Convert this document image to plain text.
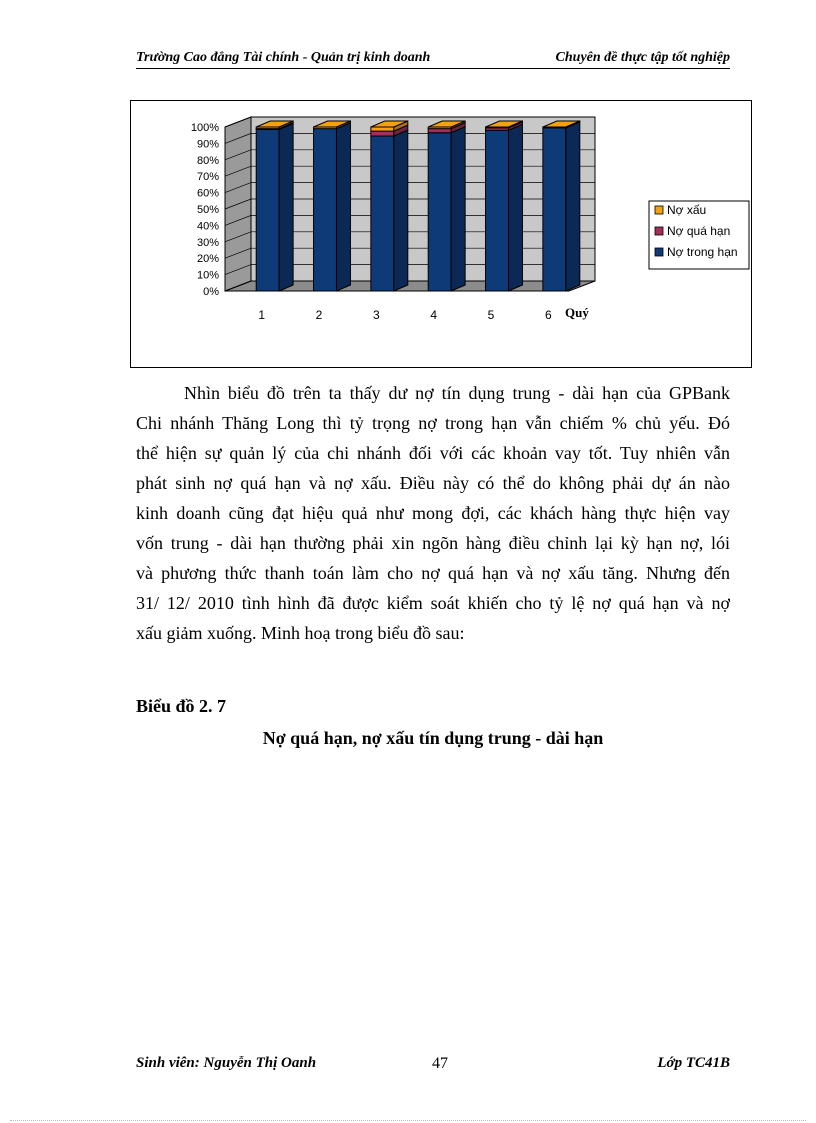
Trường Cao đẳng Tài chính - Quản trị kinh doanh	Chuyên đề thực tập tốt nghiệp
0%
10%
20%
30%
40%
50%
60%
70%
80%
90%
100%
1	2	3	4	5	6 Quý
Nợ xấu
Nợ quá hạn
Nợ trong hạn
Nhìn biểu đồ trên ta thấy dư nợ tín dụng trung - dài hạn của GPBank
Chi nhánh Thăng Long thì tỷ trọng nợ trong hạn vẫn chiếm % chủ yếu. Đó
thể hiện sự quản lý của chi nhánh đối với các khoản vay tốt. Tuy nhiên vẫn
phát sinh nợ quá hạn và nợ xấu. Điều này có thể do không phải dự án nào
kinh doanh cũng đạt hiệu quả như mong đợi, các khách hàng thực hiện vay
vốn trung - dài hạn thường phải xin ngõn hàng điều chỉnh lại kỳ hạn nợ, lói
và phương thức thanh toán làm cho nợ quá hạn và nợ xấu tăng. Nhưng đến
31/ 12/ 2010 tình hình đã được kiểm soát khiến cho tỷ lệ nợ quá hạn và nợ
xấu giảm xuống. Minh hoạ trong biểu đồ sau:
Biểu đồ 2. 7
Nợ quá hạn, nợ xấu tín dụng trung - dài hạn
Sinh viên: Nguyễn Thị Oanh	47	Lớp TC41B
